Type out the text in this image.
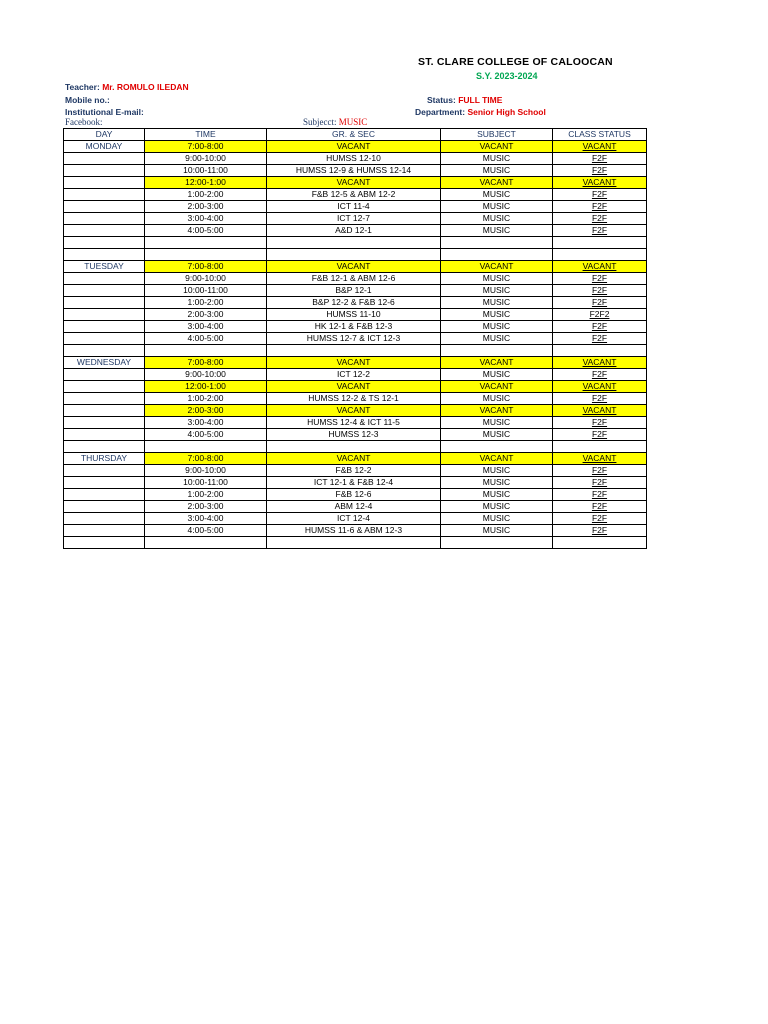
ST. CLARE COLLEGE OF CALOOCAN
S.Y. 2023-2024
Teacher: Mr. ROMULO ILEDAN
Mobile no.:
Institutional E-mail:
Facebook:	Subjecct: MUSIC
Status: FULL TIME
Department: Senior High School
DAY	TIME	GR. & SEC	SUBJECT	CLASS STATUS
MONDAY	7:00-8:00	VACANT	VACANT	VACANT
	9:00-10:00	HUMSS 12-10	MUSIC	F2F
	10:00-11:00	HUMSS 12-9 & HUMSS 12-14	MUSIC	F2F
	12:00-1:00	VACANT	VACANT	VACANT
	1:00-2:00	F&B 12-5 & ABM 12-2	MUSIC	F2F
	2:00-3:00	ICT 11-4	MUSIC	F2F
	3:00-4:00	ICT 12-7	MUSIC	F2F
	4:00-5:00	A&D 12-1	MUSIC	F2F

TUESDAY	7:00-8:00	VACANT	VACANT	VACANT
	9:00-10:00	F&B 12-1 & ABM 12-6	MUSIC	F2F
	10:00-11:00	B&P 12-1	MUSIC	F2F
	1:00-2:00	B&P 12-2 & F&B 12-6	MUSIC	F2F
	2:00-3:00	HUMSS 11-10	MUSIC	F2F2
	3:00-4:00	HK 12-1 & F&B 12-3	MUSIC	F2F
	4:00-5:00	HUMSS 12-7 & ICT 12-3	MUSIC	F2F

WEDNESDAY	7:00-8:00	VACANT	VACANT	VACANT
	9:00-10:00	ICT 12-2	MUSIC	F2F
	12:00-1:00	VACANT	VACANT	VACANT
	1:00-2:00	HUMSS 12-2 & TS 12-1	MUSIC	F2F
	2:00-3:00	VACANT	VACANT	VACANT
	3:00-4:00	HUMSS 12-4 & ICT 11-5	MUSIC	F2F
	4:00-5:00	HUMSS 12-3	MUSIC	F2F

THURSDAY	7:00-8:00	VACANT	VACANT	VACANT
	9:00-10:00	F&B 12-2	MUSIC	F2F
	10:00-11:00	ICT 12-1 & F&B 12-4	MUSIC	F2F
	1:00-2:00	F&B 12-6	MUSIC	F2F
	2:00-3:00	ABM 12-4	MUSIC	F2F
	3:00-4:00	ICT 12-4	MUSIC	F2F
	4:00-5:00	HUMSS 11-6 & ABM 12-3	MUSIC	F2F
